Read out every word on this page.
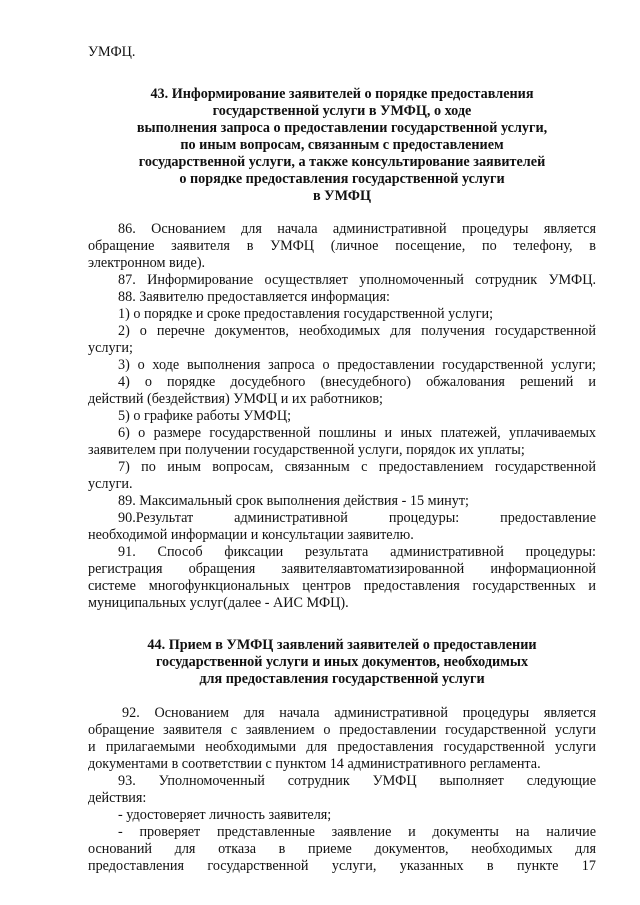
УМФЦ.
43. Информирование заявителей о порядке предоставления
государственной услуги в УМФЦ, о ходе
выполнения запроса о предоставлении государственной услуги,
по иным вопросам, связанным с предоставлением
государственной услуги, а также консультирование заявителей
о порядке предоставления государственной услуги
в УМФЦ
86. Основанием для начала административной процедуры является
обращение заявителя в УМФЦ (личное посещение, по телефону, в
электронном виде).
87. Информирование осуществляет уполномоченный сотрудник УМФЦ.
88. Заявителю предоставляется информация:
1) о порядке и сроке предоставления государственной услуги;
2) о перечне документов, необходимых для получения государственной
услуги;
3) о ходе выполнения запроса о предоставлении государственной услуги;
4) о порядке досудебного (внесудебного) обжалования решений и
действий (бездействия) УМФЦ и их работников;
5) о графике работы УМФЦ;
6) о размере государственной пошлины и иных платежей, уплачиваемых
заявителем при получении государственной услуги, порядок их уплаты;
7) по иным вопросам, связанным с предоставлением государственной
услуги.
89. Максимальный срок выполнения действия - 15 минут;
90.Результат административной процедуры: предоставление
необходимой информации и консультации заявителю.
91. Способ фиксации результата административной процедуры:
регистрация обращения заявителяавтоматизированной информационной
системе многофункциональных центров предоставления государственных и
муниципальных услуг(далее - АИС МФЦ).
44. Прием в УМФЦ заявлений заявителей о предоставлении
государственной услуги и иных документов, необходимых
для предоставления государственной услуги
92. Основанием для начала административной процедуры является
обращение заявителя с заявлением о предоставлении государственной услуги
и прилагаемыми необходимыми для предоставления государственной услуги
документами в соответствии с пунктом 14 административного регламента.
93. Уполномоченный сотрудник УМФЦ выполняет следующие
действия:
- удостоверяет личность заявителя;
- проверяет представленные заявление и документы на наличие
оснований для отказа в приеме документов, необходимых для
предоставления государственной услуги, указанных в пункте 17
